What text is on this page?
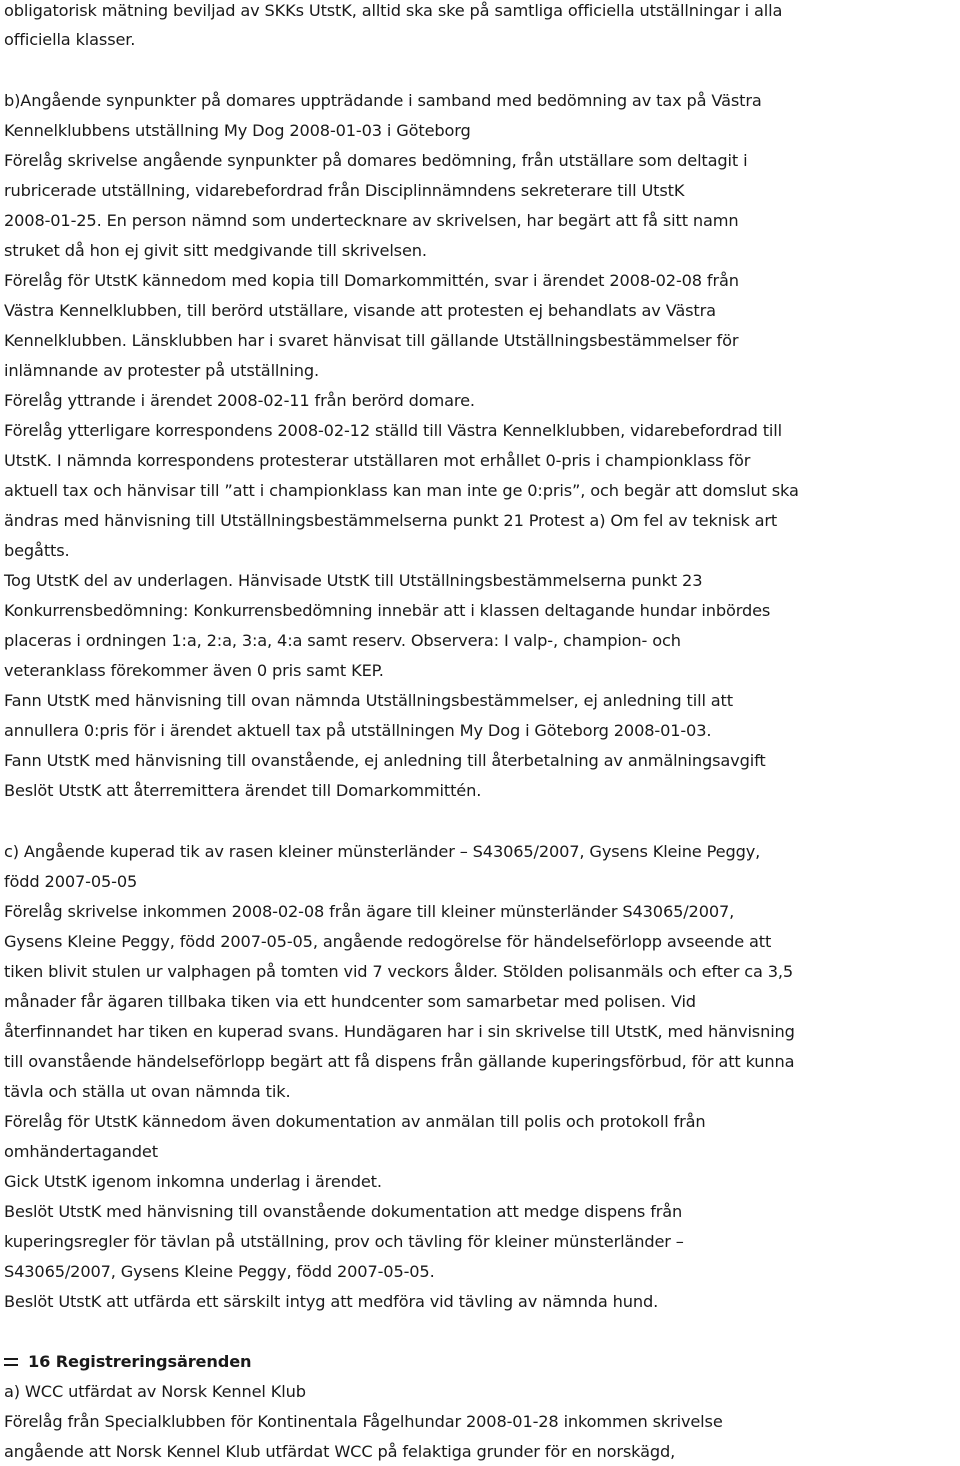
obligatorisk mätning beviljad av SKKs UtstK, alltid ska ske på samtliga officiella utställningar i alla
officiella klasser.
b)Angående synpunkter på domares uppträdande i samband med bedömning av tax på Västra
Kennelklubbens utställning My Dog 2008-01-03 i Göteborg
Förelåg skrivelse angående synpunkter på domares bedömning, från utställare som deltagit i
rubricerade utställning, vidarebefordrad från Disciplinnämndens sekreterare till UtstK
2008-01-25. En person nämnd som undertecknare av skrivelsen, har begärt att få sitt namn
struket då hon ej givit sitt medgivande till skrivelsen.
Förelåg för UtstK kännedom med kopia till Domarkommittén, svar i ärendet 2008-02-08 från
Västra Kennelklubben, till berörd utställare, visande att protesten ej behandlats av Västra
Kennelklubben. Länsklubben har i svaret hänvisat till gällande Utställningsbestämmelser för
inlämnande av protester på utställning.
Förelåg yttrande i ärendet 2008-02-11 från berörd domare.
Förelåg ytterligare korrespondens 2008-02-12 ställd till Västra Kennelklubben, vidarebefordrad till
UtstK. I nämnda korrespondens protesterar utställaren mot erhållet 0-pris i championklass för
aktuell tax och hänvisar till ”att i championklass kan man inte ge 0:pris”, och begär att domslut ska
ändras med hänvisning till Utställningsbestämmelserna punkt 21 Protest a) Om fel av teknisk art
begåtts.
Tog UtstK del av underlagen. Hänvisade UtstK till Utställningsbestämmelserna punkt 23
Konkurrensbedömning: Konkurrensbedömning innebär att i klassen deltagande hundar inbördes
placeras i ordningen 1:a, 2:a, 3:a, 4:a samt reserv. Observera: I valp-, champion- och
veteranklass förekommer även 0 pris samt KEP.
Fann UtstK med hänvisning till ovan nämnda Utställningsbestämmelser, ej anledning till att
annullera 0:pris för i ärendet aktuell tax på utställningen My Dog i Göteborg 2008-01-03.
Fann UtstK med hänvisning till ovanstående, ej anledning till återbetalning av anmälningsavgift
Beslöt UtstK att återremittera ärendet till Domarkommittén.
c) Angående kuperad tik av rasen kleiner münsterländer – S43065/2007, Gysens Kleine Peggy,
född 2007-05-05
Förelåg skrivelse inkommen 2008-02-08 från ägare till kleiner münsterländer S43065/2007,
Gysens Kleine Peggy, född 2007-05-05, angående redogörelse för händelseförlopp avseende att
tiken blivit stulen ur valphagen på tomten vid 7 veckors ålder. Stölden polisanmäls och efter ca 3,5
månader får ägaren tillbaka tiken via ett hundcenter som samarbetar med polisen. Vid
återfinnandet har tiken en kuperad svans. Hundägaren har i sin skrivelse till UtstK, med hänvisning
till ovanstående händelseförlopp begärt att få dispens från gällande kuperingsförbud, för att kunna
tävla och ställa ut ovan nämnda tik.
Förelåg för UtstK kännedom även dokumentation av anmälan till polis och protokoll från
omhändertagandet
Gick UtstK igenom inkomna underlag i ärendet.
Beslöt UtstK med hänvisning till ovanstående dokumentation att medge dispens från
kuperingsregler för tävlan på utställning, prov och tävling för kleiner münsterländer –
S43065/2007, Gysens Kleine Peggy, född 2007-05-05.
Beslöt UtstK att utfärda ett särskilt intyg att medföra vid tävling av nämnda hund.
16 Registreringsärenden
a) WCC utfärdat av Norsk Kennel Klub
Förelåg från Specialklubben för Kontinentala Fågelhundar 2008-01-28 inkommen skrivelse
angående att Norsk Kennel Klub utfärdat WCC på felaktiga grunder för en norskägd,
